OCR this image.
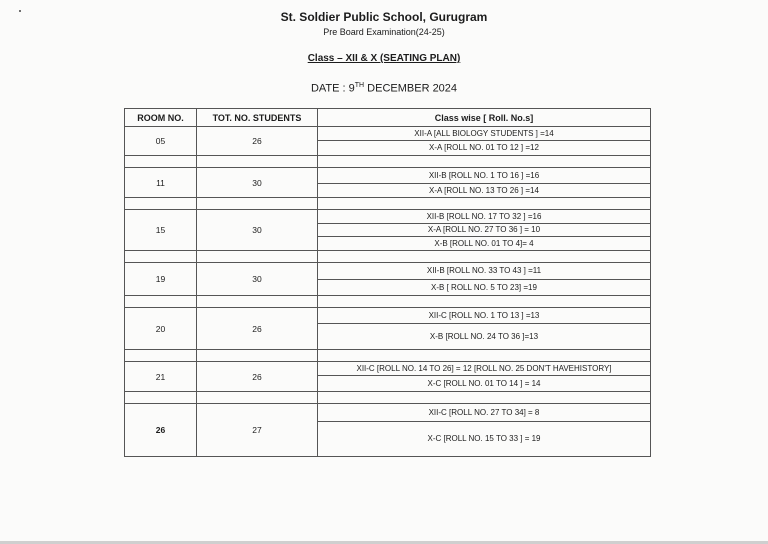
St. Soldier Public School, Gurugram
Pre Board Examination(24-25)
Class – XII & X (SEATING PLAN)
DATE : 9TH DECEMBER 2024
ROOM NO.	TOT. NO. STUDENTS	Class wise [ Roll. No.s]
05	26	XII-A [ALL BIOLOGY STUDENTS ] =14
		X-A [ROLL NO. 01 TO 12 ] =12

11	30	XII-B [ROLL NO. 1 TO 16 ] =16
		X-A [ROLL NO. 13 TO 26 ] =14

15	30	XII-B [ROLL NO. 17 TO 32 ] =16
		X-A [ROLL NO. 27 TO 36 ] = 10
		X-B [ROLL NO. 01 TO 4]= 4

19	30	XII-B [ROLL NO. 33 TO 43 ] =11
		X-B [ ROLL NO. 5 TO 23] =19

20	26	XII-C [ROLL NO. 1 TO 13 ] =13
		X-B [ROLL NO. 24 TO 36 ]=13

21	26	XII-C [ROLL NO. 14 TO 26] = 12 [ROLL NO. 25 DON'T HAVEHISTORY]
		X-C [ROLL NO. 01 TO 14 ] = 14

26	27	XII-C [ROLL NO. 27 TO 34] = 8
		X-C [ROLL NO. 15 TO 33 ] = 19
